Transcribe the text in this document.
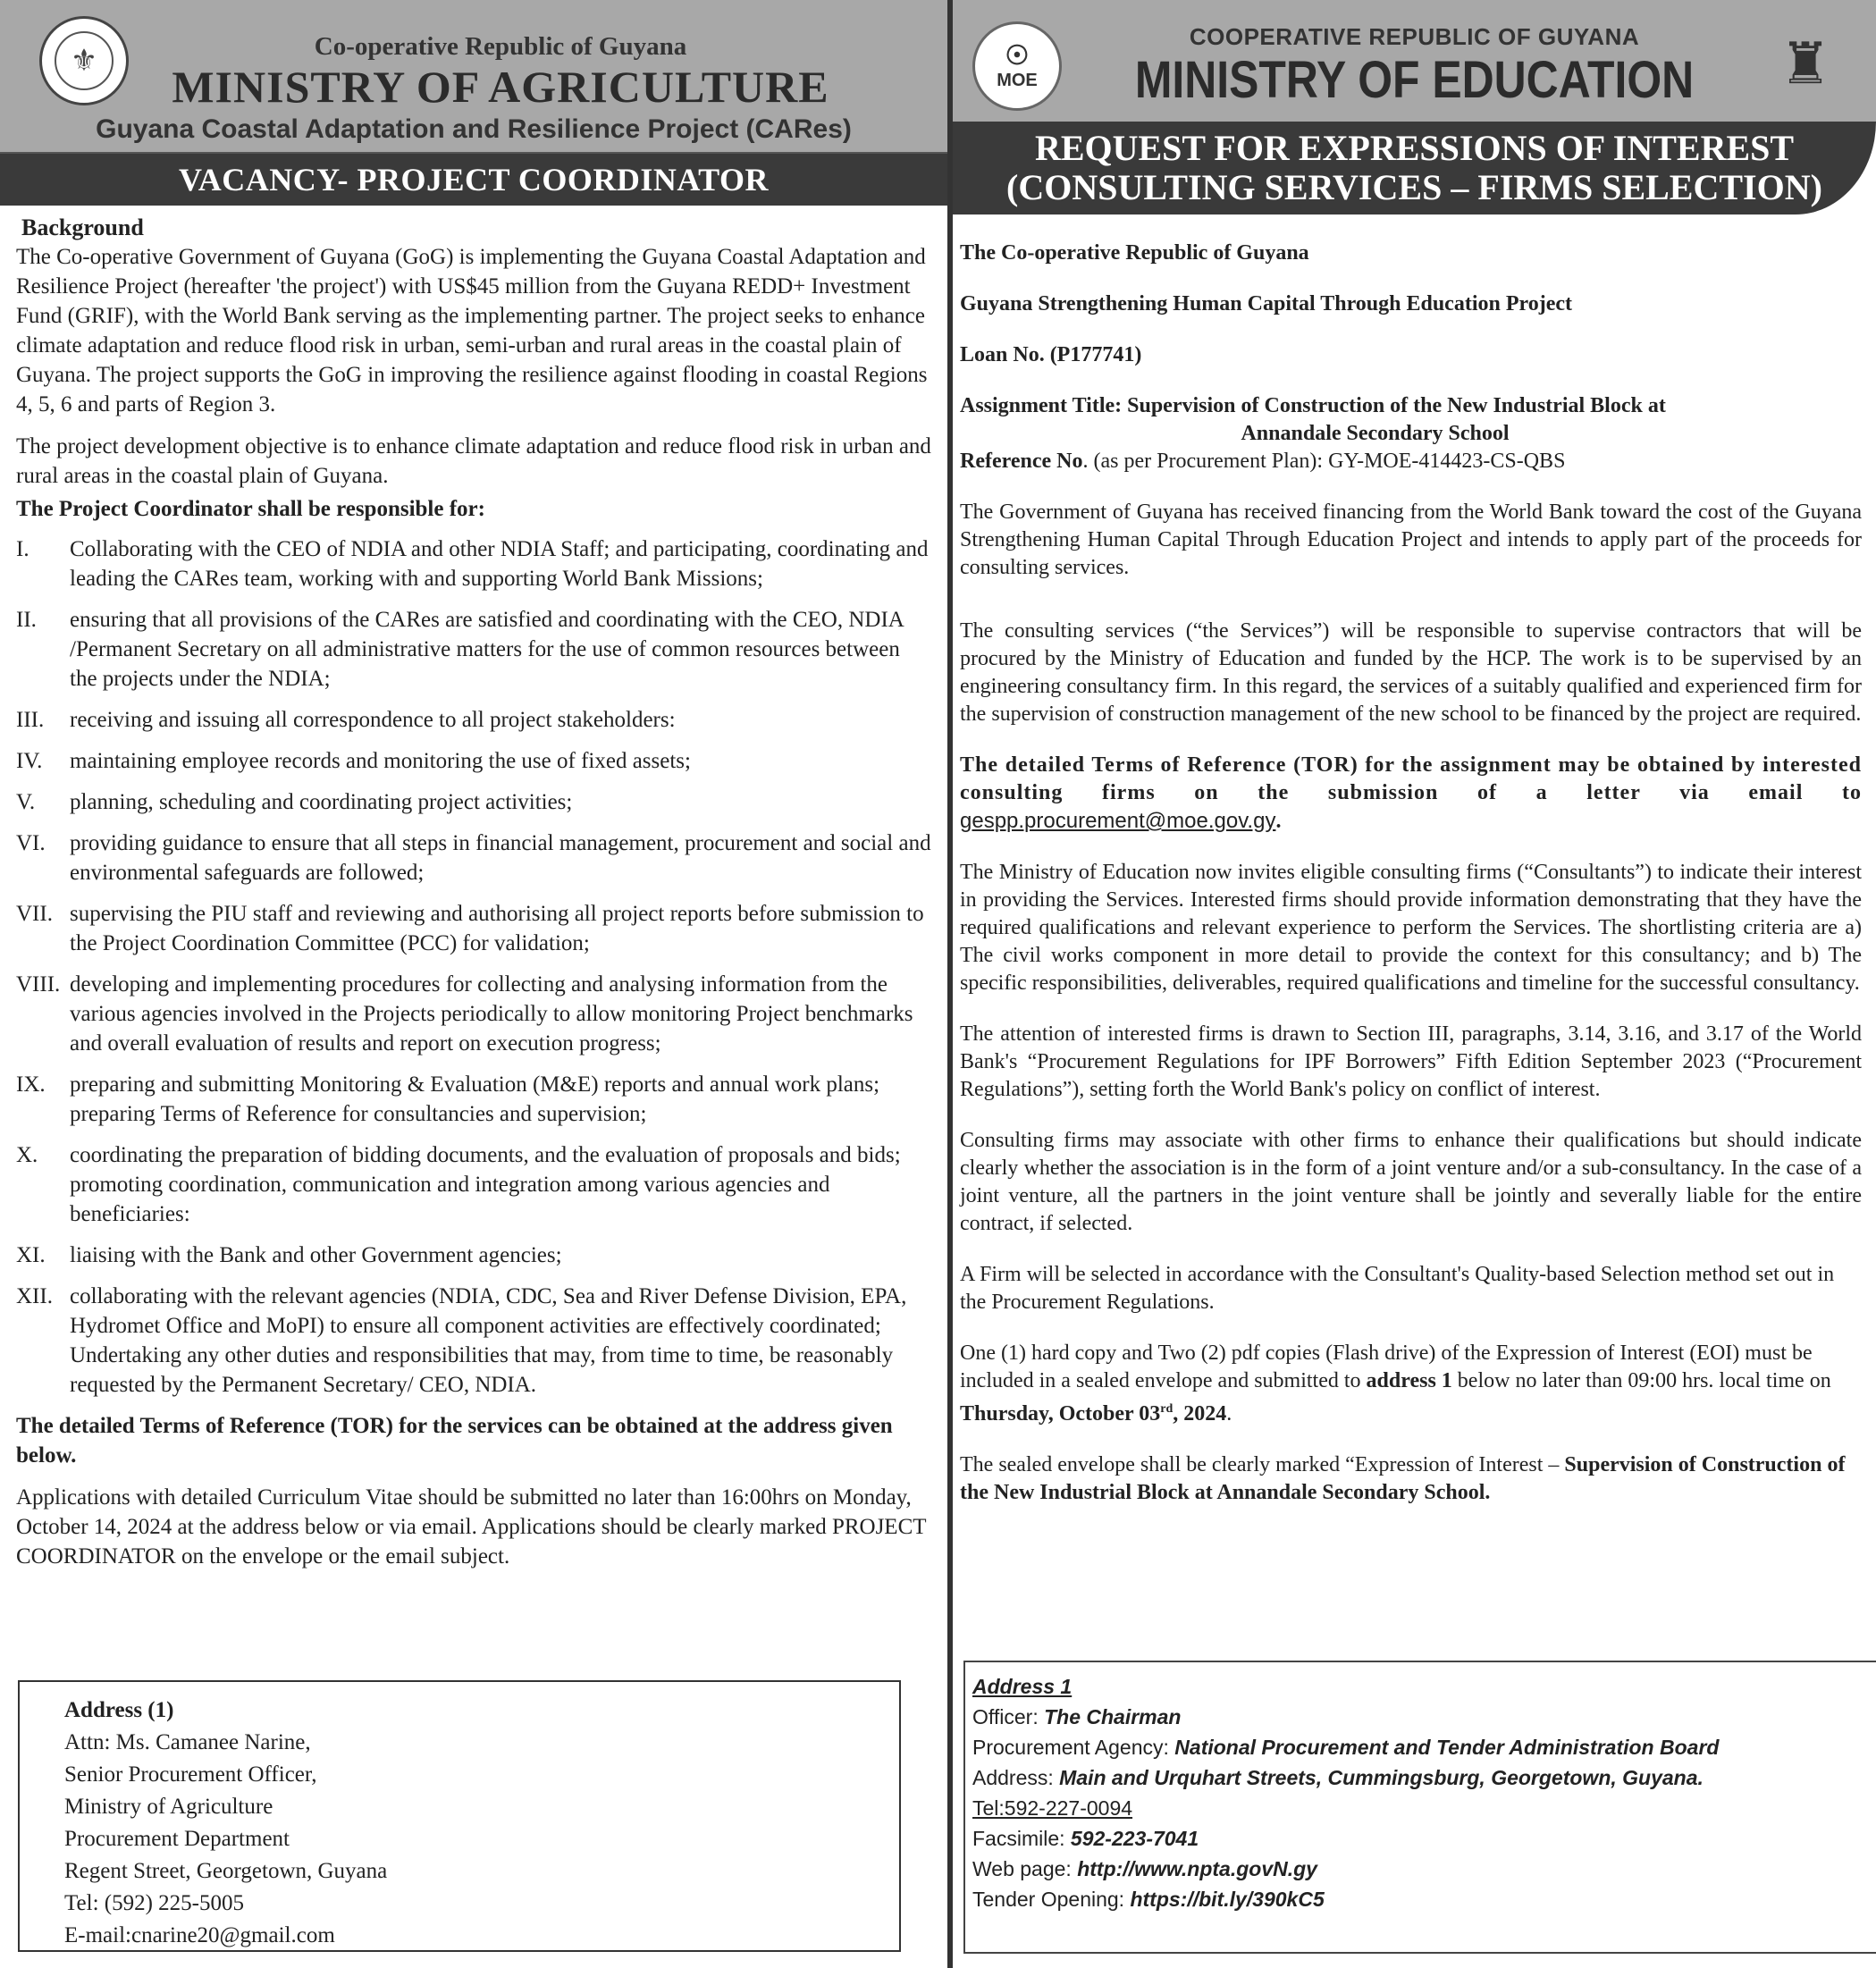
⚜	Co-operative Republic of Guyana
MINISTRY OF AGRICULTURE
Guyana Coastal Adaptation and Resilience Project (CARes)
VACANCY- PROJECT COORDINATOR
Background

The Co-operative Government of Guyana (GoG) is implementing the Guyana Coastal Adaptation and Resilience Project (hereafter 'the project') with US$45 million from the Guyana REDD+ Investment Fund (GRIF), with the World Bank serving as the implementing partner. The project seeks to enhance climate adaptation and reduce flood risk in urban, semi-urban and rural areas in the coastal plain of Guyana. The project supports the GoG in improving the resilience against flooding in coastal Regions 4, 5, 6 and parts of Region 3.

The project development objective is to enhance climate adaptation and reduce flood risk in urban and rural areas in the coastal plain of Guyana.

The Project Coordinator shall be responsible for:
I.	Collaborating with the CEO of NDIA and other NDIA Staff; and participating, coordinating and leading the CARes team, working with and supporting World Bank Missions;
II.	ensuring that all provisions of the CARes are satisfied and coordinating with the CEO, NDIA /Permanent Secretary on all administrative matters for the use of common resources between the projects under the NDIA;
III.	receiving and issuing all correspondence to all project stakeholders:
IV.	maintaining employee records and monitoring the use of fixed assets;
V.	planning, scheduling and coordinating project activities;
VI.	providing guidance to ensure that all steps in financial management, procurement and social and environmental safeguards are followed;
VII. supervising the PIU staff and reviewing and authorising all project reports before submission to the Project Coordination Committee (PCC) for validation;
VIII. developing and implementing procedures for collecting and analysing information from the various agencies involved in the Projects periodically to allow monitoring Project benchmarks and overall evaluation of results and report on execution progress;
IX.	preparing and submitting Monitoring & Evaluation (M&E) reports and annual work plans; preparing Terms of Reference for consultancies and supervision;
X.	coordinating the preparation of bidding documents, and the evaluation of proposals and bids; promoting coordination, communication and integration among various agencies and beneficiaries:
XI.	liaising with the Bank and other Government agencies;
XII. collaborating with the relevant agencies (NDIA, CDC, Sea and River Defense Division, EPA, Hydromet Office and MoPI) to ensure all component activities are effectively coordinated; Undertaking any other duties and responsibilities that may, from time to time, be reasonably requested by the Permanent Secretary/ CEO, NDIA.

The detailed Terms of Reference (TOR) for the services can be obtained at the address given below.

Applications with detailed Curriculum Vitae should be submitted no later than 16:00hrs on Monday, October 14, 2024 at the address below or via email. Applications should be clearly marked PROJECT COORDINATOR on the envelope or the email subject.

Address (1)
Attn: Ms. Camanee Narine,
Senior Procurement Officer,
Ministry of Agriculture
Procurement Department
Regent Street, Georgetown, Guyana
Tel: (592) 225-5005
E-mail:cnarine20@gmail.com
☉
MOE
COOPERATIVE REPUBLIC OF GUYANA
MINISTRY OF EDUCATION	♜
REQUEST FOR EXPRESSIONS OF INTEREST
(CONSULTING SERVICES – FIRMS SELECTION)

The Co-operative Republic of Guyana

Guyana Strengthening Human Capital Through Education Project

Loan No. (P177741)

Assignment Title: Supervision of Construction of the New Industrial Block at
Annandale Secondary School
Reference No. (as per Procurement Plan): GY-MOE-414423-CS-QBS

The Government of Guyana has received financing from the World Bank toward the cost of the Guyana Strengthening Human Capital Through Education Project and intends to apply part of the proceeds for consulting services.

The consulting services (“the Services”) will be responsible to supervise contractors that will be procured by the Ministry of Education and funded by the HCP. The work is to be supervised by an engineering consultancy firm. In this regard, the services of a suitably qualified and experienced firm for the supervision of construction management of the new school to be financed by the project are required.

The detailed Terms of Reference (TOR) for the assignment may be obtained by interested consulting firms on the submission of a letter via email to gespp.procurement@moe.gov.gy.

The Ministry of Education now invites eligible consulting firms (“Consultants”) to indicate their interest in providing the Services. Interested firms should provide information demonstrating that they have the required qualifications and relevant experience to perform the Services. The shortlisting criteria are a) The civil works component in more detail to provide the context for this consultancy; and b) The specific responsibilities, deliverables, required qualifications and timeline for the successful consultancy.

The attention of interested firms is drawn to Section III, paragraphs, 3.14, 3.16, and 3.17 of the World Bank's “Procurement Regulations for IPF Borrowers” Fifth Edition September 2023 (“Procurement Regulations”), setting forth the World Bank's policy on conflict of interest.

Consulting firms may associate with other firms to enhance their qualifications but should indicate clearly whether the association is in the form of a joint venture and/or a sub-consultancy. In the case of a joint venture, all the partners in the joint venture shall be jointly and severally liable for the entire contract, if selected.

A Firm will be selected in accordance with the Consultant's Quality-based Selection method set out in the Procurement Regulations.

One (1) hard copy and Two (2) pdf copies (Flash drive) of the Expression of Interest (EOI) must be included in a sealed envelope and submitted to address 1 below no later than 09:00 hrs. local time on Thursday, October 03rd, 2024.

The sealed envelope shall be clearly marked “Expression of Interest – Supervision of Construction of the New Industrial Block at Annandale Secondary School.

Address 1
Officer: The Chairman
Procurement Agency: National Procurement and Tender Administration Board
Address: Main and Urquhart Streets, Cummingsburg, Georgetown, Guyana.
Tel:592-227-0094
Facsimile: 592-223-7041
Web page: http://www.npta.govN.gy
Tender Opening: https://bit.ly/390kC5
